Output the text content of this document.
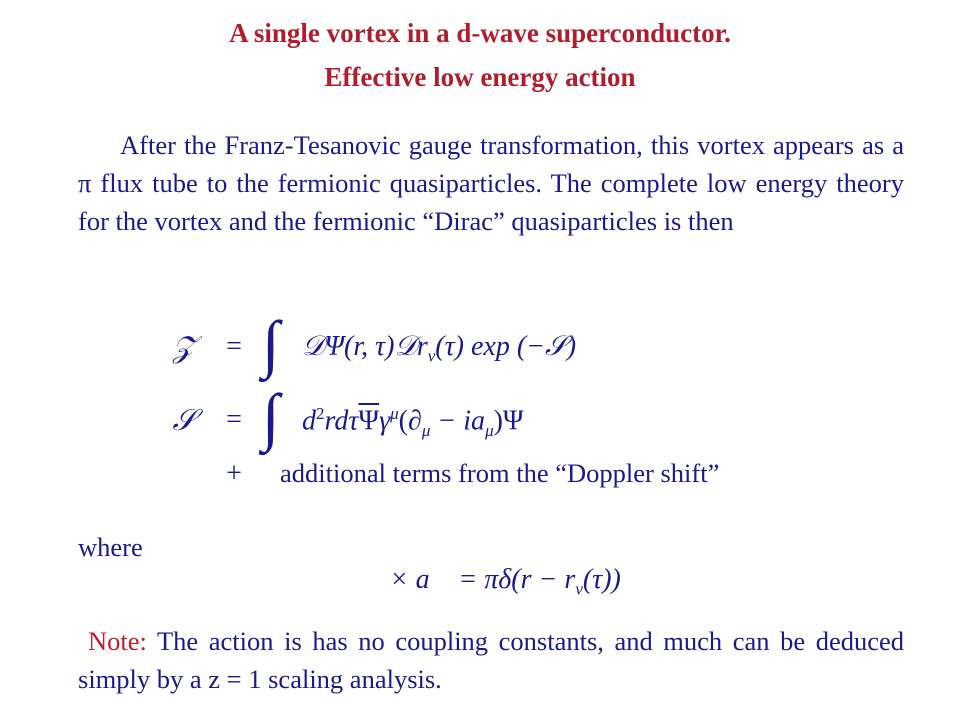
A single vortex in a d-wave superconductor.
Effective low energy action
After the Franz-Tesanovic gauge transformation, this vortex appears as a π flux tube to the fermionic quasiparticles. The complete low energy theory for the vortex and the fermionic “Dirac” quasiparticles is then
𝒵	= ∫ 𝒟Ψ(r, τ)𝒟r$_v$(τ) exp (−𝒮)
𝒮	= ∫ $d^2rd\tau\overline{\Psi}\gamma^\mu(\partial_\mu - ia_\mu)\Psi$
+	additional terms from the “Doppler shift”
where
∇⃗ × a⃗ = $\pi\delta(r - r_v(\tau))$
Note: The action is has no coupling constants, and much can be deduced simply by a z = 1 scaling analysis.
